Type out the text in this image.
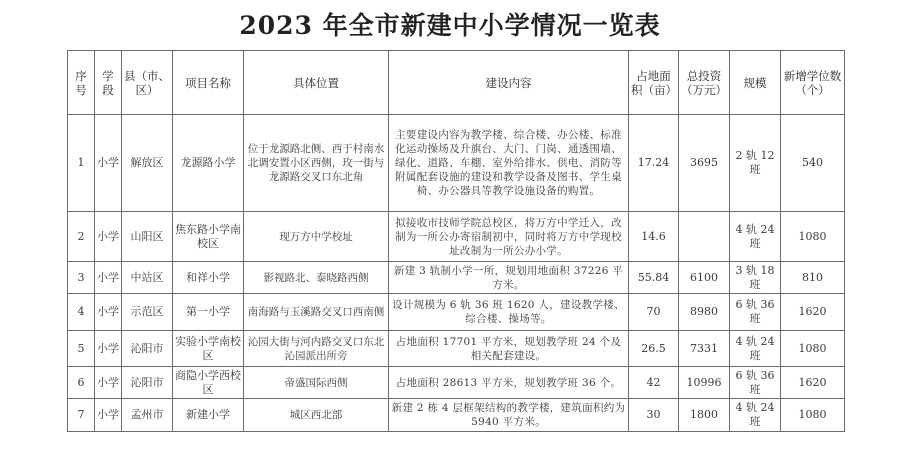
2023 年全市新建中小学情况一览表
序号	学段	县（市、区）	项目名称	具体位置	建设内容	占地面积（亩）	总投资（万元）	规模	新增学位数（个）
1	小学	解放区	龙源路小学	位于龙源路北侧、西于村南水北调安置小区西侧，玫一街与龙源路交叉口东北角	主要建设内容为教学楼、综合楼、办公楼、标准化运动操场及升旗台、大门、门岗、通透围墙、绿化、道路、车棚、室外给排水、供电、消防等附属配套设施的建设和教学设备及图书、学生桌椅、办公器具等教学设施设备的购置。	17.24	3695	2 轨 12 班	540
2	小学	山阳区	焦东路小学南校区	现万方中学校址	拟接收市技师学院总校区，将万方中学迁入，改制为一所公办寄宿制初中，同时将万方中学现校址改制为一所公办小学。	14.6		4 轨 24 班	1080
3	小学	中站区	和祥小学	影视路北、泰晓路西侧	新建 3 轨制小学一所，规划用地面积 37226 平方米。	55.84	6100	3 轨 18 班	810
4	小学	示范区	第一小学	南海路与玉溪路交叉口西南侧	设计规模为 6 轨 36 班 1620 人，建设教学楼、综合楼、操场等。	70	8980	6 轨 36 班	1620
5	小学	沁阳市	实验小学南校区	沁园大街与河内路交叉口东北沁园派出所旁	占地面积 17701 平方米，规划教学班 24 个及相关配套建设。	26.5	7331	4 轨 24 班	1080
6	小学	沁阳市	商隐小学西校区	帝盛国际西侧	占地面积 28613 平方米，规划教学班 36 个。	42	10996	6 轨 36 班	1620
7	小学	孟州市	新建小学	城区西北部	新建 2 栋 4 层框架结构的教学楼，建筑面积约为 5940 平方米。	30	1800	4 轨 24 班	1080
